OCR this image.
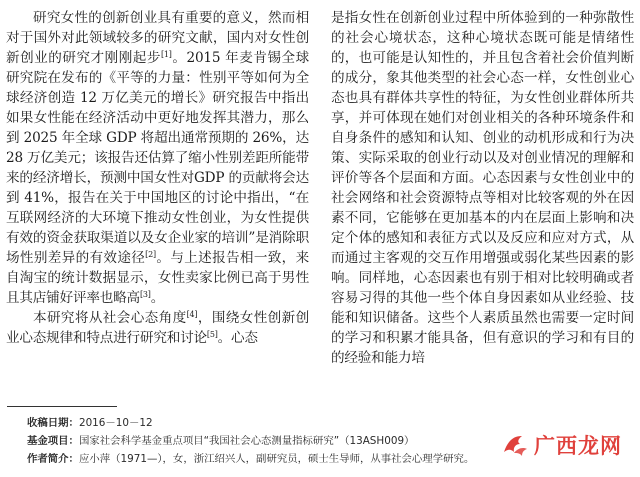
研究女性的创新创业具有重要的意义，然而相对于国外对此领域较多的研究文献，国内对女性创新创业的研究才刚刚起步[1]。2015 年麦肯锡全球研究院在发布的《平等的力量：性别平等如何为全球经济创造 12 万亿美元的增长》研究报告中指出如果女性能在经济活动中更好地发挥其潜力，那么到 2025 年全球 GDP 将超出通常预期的 26%，达 28 万亿美元；该报告还估算了缩小性别差距所能带来的经济增长，预测中国女性对GDP 的贡献将会达到 41%，报告在关于中国地区的讨论中指出，“在互联网经济的大环境下推动女性创业，为女性提供有效的资金获取渠道以及女企业家的培训”是消除职场性别差异的有效途径[2]。与上述报告相一致，来自淘宝的统计数据显示，女性卖家比例已高于男性且其店铺好评率也略高[3]。

本研究将从社会心态角度[4]，围绕女性创新创业心态规律和特点进行研究和讨论[5]。心态

是指女性在创新创业过程中所体验到的一种弥散性的社会心境状态，这种心境状态既可能是情绪性的，也可能是认知性的，并且包含着社会价值判断的成分，象其他类型的社会心态一样，女性创业心态也具有群体共享性的特征，为女性创业群体所共享，并可体现在她们对创业相关的各种环境条件和自身条件的感知和认知、创业的动机形成和行为决策、实际采取的创业行动以及对创业情况的理解和评价等各个层面和方面。心态因素与女性创业中的社会网络和社会资源特点等相对比较客观的外在因素不同，它能够在更加基本的内在层面上影响和决定个体的感知和表征方式以及反应和应对方式，从而通过主客观的交互作用增强或弱化某些因素的影响。同样地，心态因素也有别于相对比较明确或者容易习得的其他一些个体自身因素如从业经验、技能和知识储备。这些个人素质虽然也需要一定时间的学习和积累才能具备，但有意识的学习和有目的的经验和能力培

收稿日期：2016－10－12
基金项目：国家社会科学基金重点项目“我国社会心态测量指标研究”（13ASH009）
作者简介：应小萍（1971—），女，浙江绍兴人，副研究员，硕士生导师，从事社会心理学研究。
广西龙网
